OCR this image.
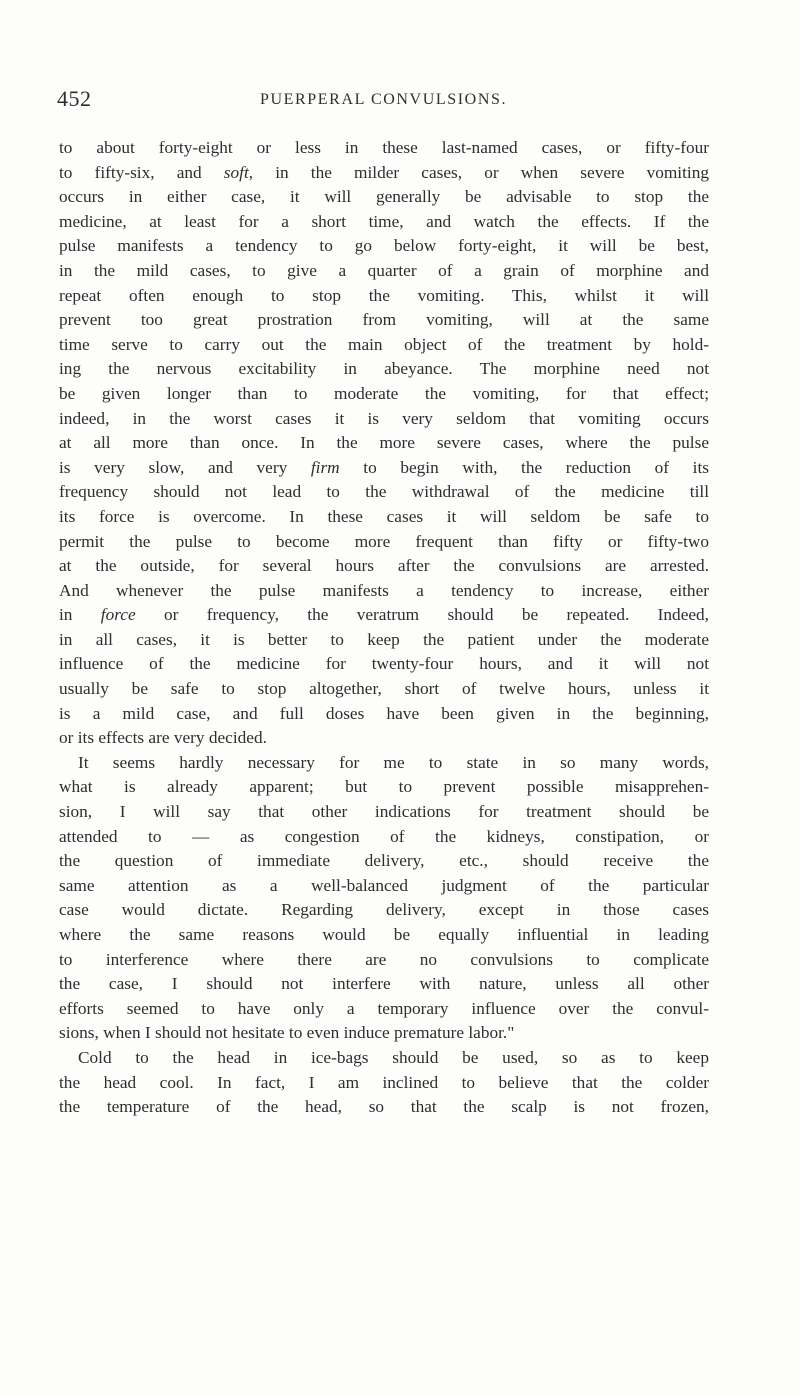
452	PUERPERAL CONVULSIONS.
to about forty-eight or less in these last-named cases, or fifty-four
to fifty-six, and soft, in the milder cases, or when severe vomiting
occurs in either case, it will generally be advisable to stop the
medicine, at least for a short time, and watch the effects. If the
pulse manifests a tendency to go below forty-eight, it will be best,
in the mild cases, to give a quarter of a grain of morphine and
repeat often enough to stop the vomiting. This, whilst it will
prevent too great prostration from vomiting, will at the same
time serve to carry out the main object of the treatment by hold-
ing the nervous excitability in abeyance. The morphine need not
be given longer than to moderate the vomiting, for that effect;
indeed, in the worst cases it is very seldom that vomiting occurs
at all more than once. In the more severe cases, where the pulse
is very slow, and very firm to begin with, the reduction of its
frequency should not lead to the withdrawal of the medicine till
its force is overcome. In these cases it will seldom be safe to
permit the pulse to become more frequent than fifty or fifty-two
at the outside, for several hours after the convulsions are arrested.
And whenever the pulse manifests a tendency to increase, either
in force or frequency, the veratrum should be repeated. Indeed,
in all cases, it is better to keep the patient under the moderate
influence of the medicine for twenty-four hours, and it will not
usually be safe to stop altogether, short of twelve hours, unless it
is a mild case, and full doses have been given in the beginning,
or its effects are very decided.
It seems hardly necessary for me to state in so many words,
what is already apparent; but to prevent possible misapprehen-
sion, I will say that other indications for treatment should be
attended to — as congestion of the kidneys, constipation, or
the question of immediate delivery, etc., should receive the
same attention as a well-balanced judgment of the particular
case would dictate. Regarding delivery, except in those cases
where the same reasons would be equally influential in leading
to interference where there are no convulsions to complicate
the case, I should not interfere with nature, unless all other
efforts seemed to have only a temporary influence over the convul-
sions, when I should not hesitate to even induce premature labor."
Cold to the head in ice-bags should be used, so as to keep
the head cool. In fact, I am inclined to believe that the colder
the temperature of the head, so that the scalp is not frozen,
